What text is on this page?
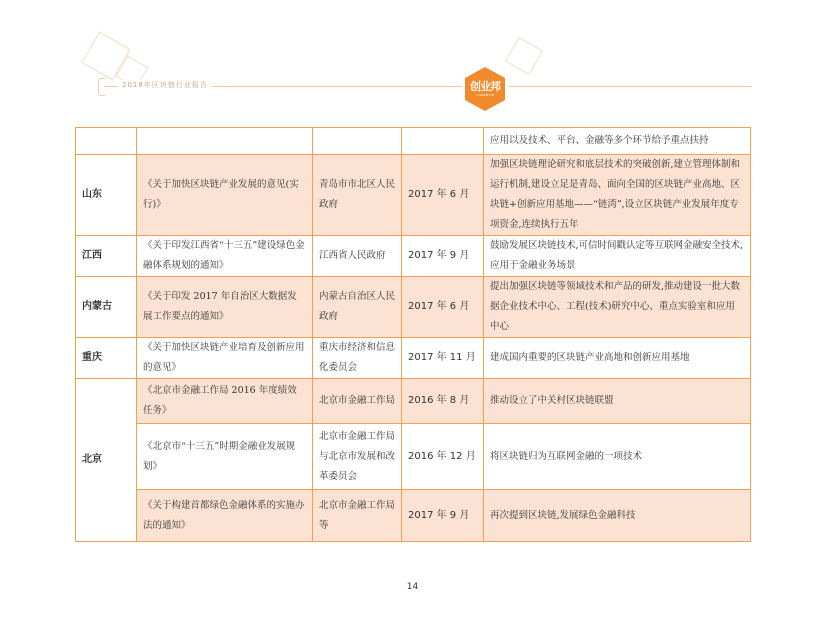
2018年区块链行业报告	创业邦
CYZONE.CN
				应用以及技术、平台、金融等多个环节给予重点扶持
山东	《关于加快区块链产业发展的意见(实行)》	青岛市市北区人民政府	2017 年 6 月	加强区块链理论研究和底层技术的突破创新,建立管理体制和运行机制,建设立足是青岛、面向全国的区块链产业高地、区块链+创新应用基地——“链湾”,设立区块链产业发展年度专项资金,连续执行五年
江西	《关于印发江西省“十三五”建设绿色金融体系规划的通知》	江西省人民政府	2017 年 9 月	鼓励发展区块链技术,可信时间戳认定等互联网金融安全技术,应用于金融业务场景
内蒙古	《关于印发 2017 年自治区大数据发展工作要点的通知》	内蒙古自治区人民政府	2017 年 6 月	提出加强区块链等领域技术和产品的研发,推动建设一批大数据企业技术中心、工程(技术)研究中心、重点实验室和应用中心
重庆	《关于加快区块链产业培育及创新应用的意见》	重庆市经济和信息化委员会	2017 年 11 月	建成国内重要的区块链产业高地和创新应用基地
北京	《北京市金融工作局 2016 年度绩效任务》	北京市金融工作局	2016 年 8 月	推动设立了中关村区块链联盟
	《北京市“十三五”时期金融业发展规划》	北京市金融工作局与北京市发展和改革委员会	2016 年 12 月	将区块链归为互联网金融的一项技术
	《关于构建首都绿色金融体系的实施办法的通知》	北京市金融工作局等	2017 年 9 月	再次提到区块链,发展绿色金融科技
14
